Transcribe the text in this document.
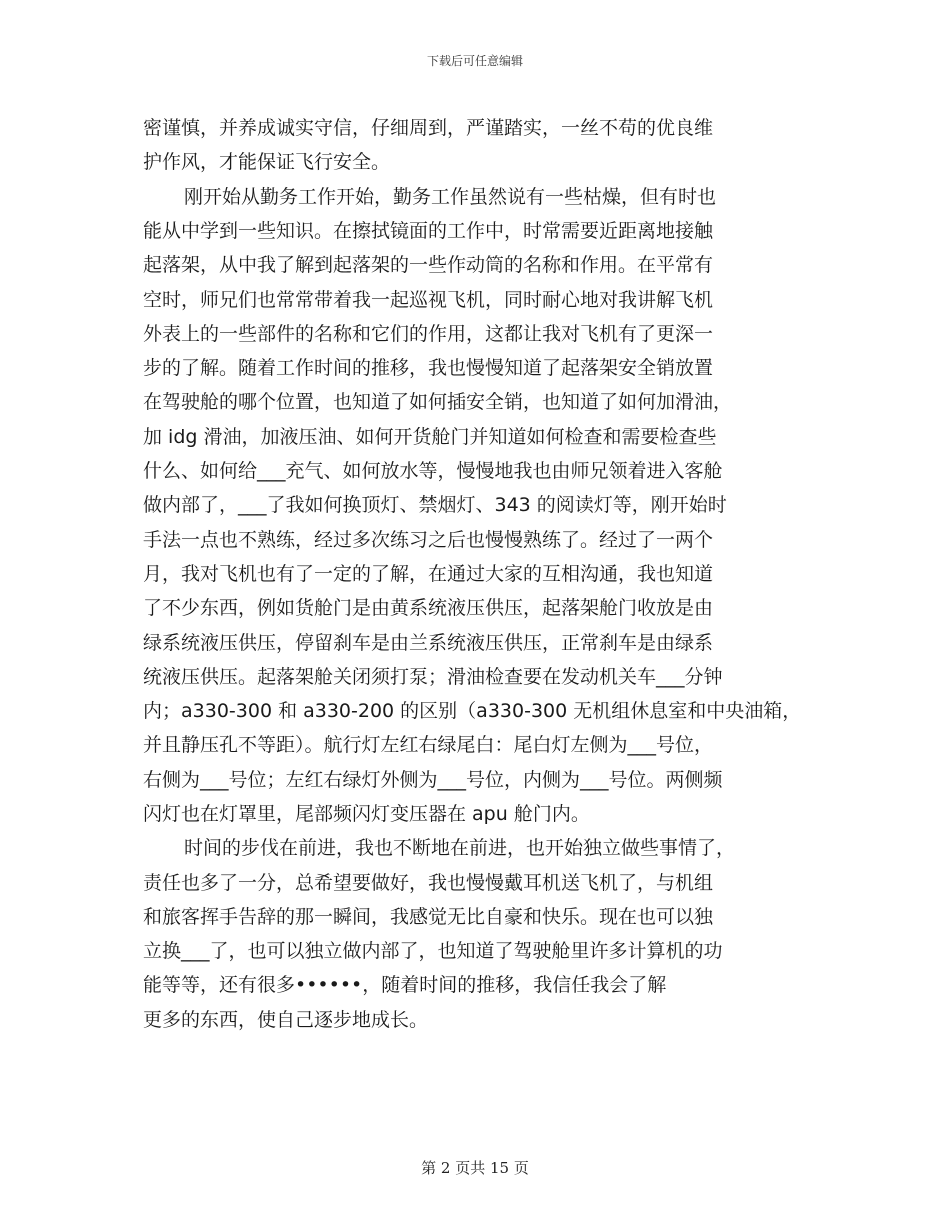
下载后可任意编辑
密谨慎，并养成诚实守信，仔细周到，严谨踏实，一丝不苟的优良维
护作风，才能保证飞行安全。
刚开始从勤务工作开始，勤务工作虽然说有一些枯燥，但有时也
能从中学到一些知识。在擦拭镜面的工作中，时常需要近距离地接触
起落架，从中我了解到起落架的一些作动筒的名称和作用。在平常有
空时，师兄们也常常带着我一起巡视飞机，同时耐心地对我讲解飞机
外表上的一些部件的名称和它们的作用，这都让我对飞机有了更深一
步的了解。随着工作时间的推移，我也慢慢知道了起落架安全销放置
在驾驶舱的哪个位置，也知道了如何插安全销，也知道了如何加滑油，
加 idg 滑油，加液压油、如何开货舱门并知道如何检查和需要检查些
什么、如何给___充气、如何放水等，慢慢地我也由师兄领着进入客舱
做内部了，___了我如何换顶灯、禁烟灯、343 的阅读灯等，刚开始时
手法一点也不熟练，经过多次练习之后也慢慢熟练了。经过了一两个
月，我对飞机也有了一定的了解，在通过大家的互相沟通，我也知道
了不少东西，例如货舱门是由黄系统液压供压，起落架舱门收放是由
绿系统液压供压，停留刹车是由兰系统液压供压，正常刹车是由绿系
统液压供压。起落架舱关闭须打泵；滑油检查要在发动机关车___分钟
内；a330-300 和 a330-200 的区别（a330-300 无机组休息室和中央油箱，
并且静压孔不等距）。航行灯左红右绿尾白：尾白灯左侧为___号位，
右侧为___号位；左红右绿灯外侧为___号位，内侧为___号位。两侧频
闪灯也在灯罩里，尾部频闪灯变压器在 apu 舱门内。
时间的步伐在前进，我也不断地在前进，也开始独立做些事情了，
责任也多了一分，总希望要做好，我也慢慢戴耳机送飞机了，与机组
和旅客挥手告辞的那一瞬间，我感觉无比自豪和快乐。现在也可以独
立换___了，也可以独立做内部了，也知道了驾驶舱里许多计算机的功
能等等，还有很多••••••，随着时间的推移，我信任我会了解
更多的东西，使自己逐步地成长。
第 2 页共 15 页
